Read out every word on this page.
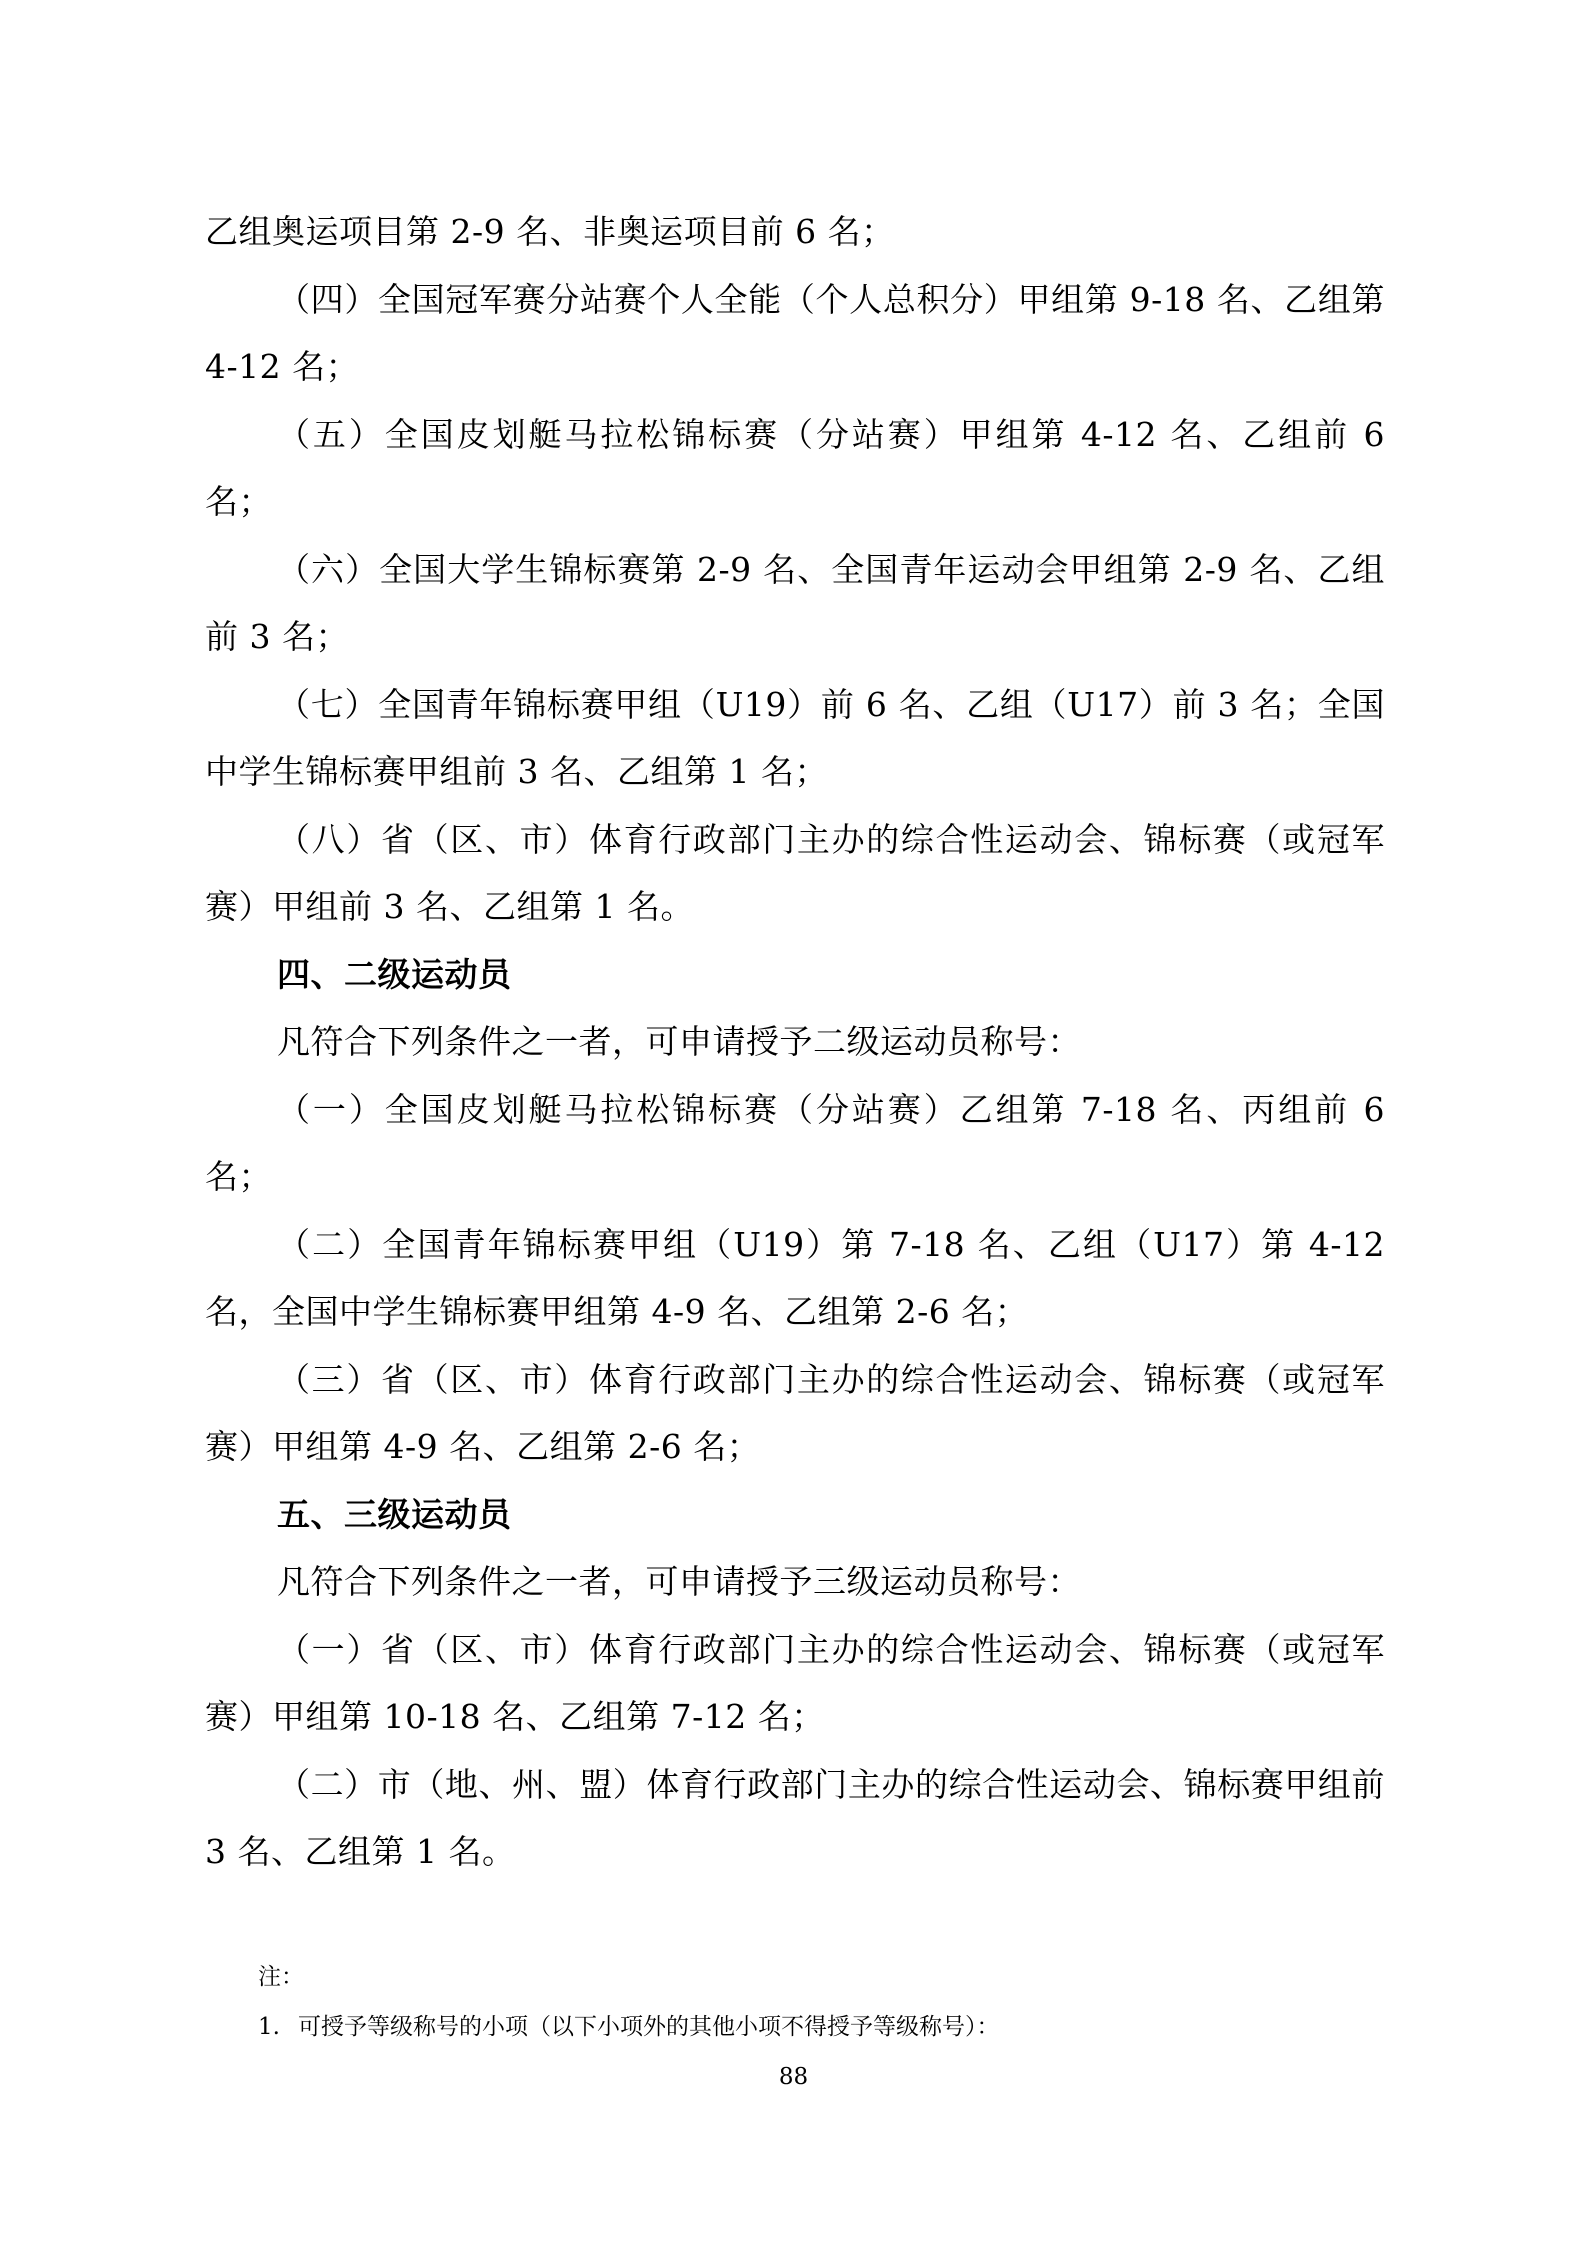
乙组奥运项目第 2-9 名、非奥运项目前 6 名；

（四）全国冠军赛分站赛个人全能（个人总积分）甲组第 9-18 名、乙组第 4-12 名；

（五）全国皮划艇马拉松锦标赛（分站赛）甲组第 4-12 名、乙组前 6 名；

（六）全国大学生锦标赛第 2-9 名、全国青年运动会甲组第 2-9 名、乙组前 3 名；

（七）全国青年锦标赛甲组（U19）前 6 名、乙组（U17）前 3 名；全国中学生锦标赛甲组前 3 名、乙组第 1 名；

（八）省（区、市）体育行政部门主办的综合性运动会、锦标赛（或冠军赛）甲组前 3 名、乙组第 1 名。

四、二级运动员

凡符合下列条件之一者，可申请授予二级运动员称号：

（一）全国皮划艇马拉松锦标赛（分站赛）乙组第 7-18 名、丙组前 6 名；

（二）全国青年锦标赛甲组（U19）第 7-18 名、乙组（U17）第 4-12 名，全国中学生锦标赛甲组第 4-9 名、乙组第 2-6 名；

（三）省（区、市）体育行政部门主办的综合性运动会、锦标赛（或冠军赛）甲组第 4-9 名、乙组第 2-6 名；

五、三级运动员

凡符合下列条件之一者，可申请授予三级运动员称号：

（一）省（区、市）体育行政部门主办的综合性运动会、锦标赛（或冠军赛）甲组第 10-18 名、乙组第 7-12 名；

（二）市（地、州、盟）体育行政部门主办的综合性运动会、锦标赛甲组前 3 名、乙组第 1 名。

注：

1. 可授予等级称号的小项（以下小项外的其他小项不得授予等级称号）：

88
